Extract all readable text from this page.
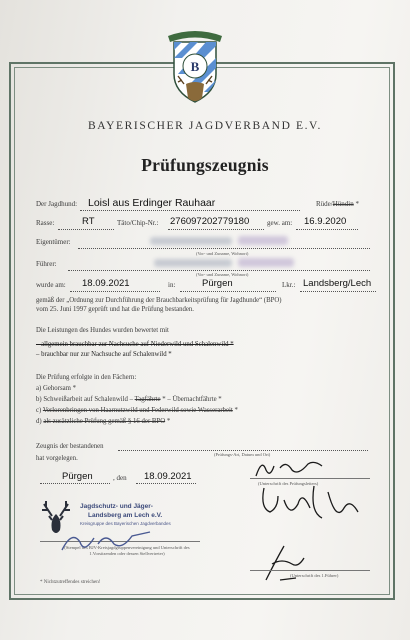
B
BAYERISCHER JAGDVERBAND E.V.
Prüfungszeugnis
Der Jagdhund: Loisl aus Erdinger Rauhaar	Rüde/Hündin *
Rasse:	RT	Täto/Chip-Nr.: 276097202779180	gew. am: 16.9.2020
Eigentümer:
(Vor- und Zuname, Wohnort)
Führer:
(Vor- und Zuname, Wohnort)
wurde am: 18.09.2021	in:	Pürgen	Lkr.: Landsberg/Lech
gemäß der „Ordnung zur Durchführung der Brauchbarkeitsprüfung für Jagdhunde“ (BPO)
vom 25. Juni 1997 geprüft und hat die Prüfung bestanden.
Die Leistungen des Hundes wurden bewertet mit
– allgemein brauchbar zur Nachsuche auf Niederwild und Schalenwild *
– brauchbar nur zur Nachsuche auf Schalenwild *
Die Prüfung erfolgte in den Fächern:
a) Gehorsam *
b) Schweißarbeit auf Schalenwild – Tagfährte * – Übernachtfährte *
c) Verlorenbringen von Haarnutzwild und Federwild sowie Wasserarbeit *
d) als zusätzliche Prüfung gemäß § 16 der BPO *
Zeugnis der bestandenen
(Prüfungs-Art, Datum und Ort)
hat vorgelegen.
Pürgen	, den 18.09.2021
Jagdschutz- und Jäger-
Landsberg am Lech e.V.
Kreisgruppe des Bayerischen Jagdverbandes
(Stempel des BJV-Kreisjagdgruppenvereinigung und Unterschrift des 1.Vorsitzenden oder dessen Stellvertreter)
(Unterschrift des Prüfungsleiters)
(Unterschrift des 1.Führer)
* Nichtzutreffendes streichen!
